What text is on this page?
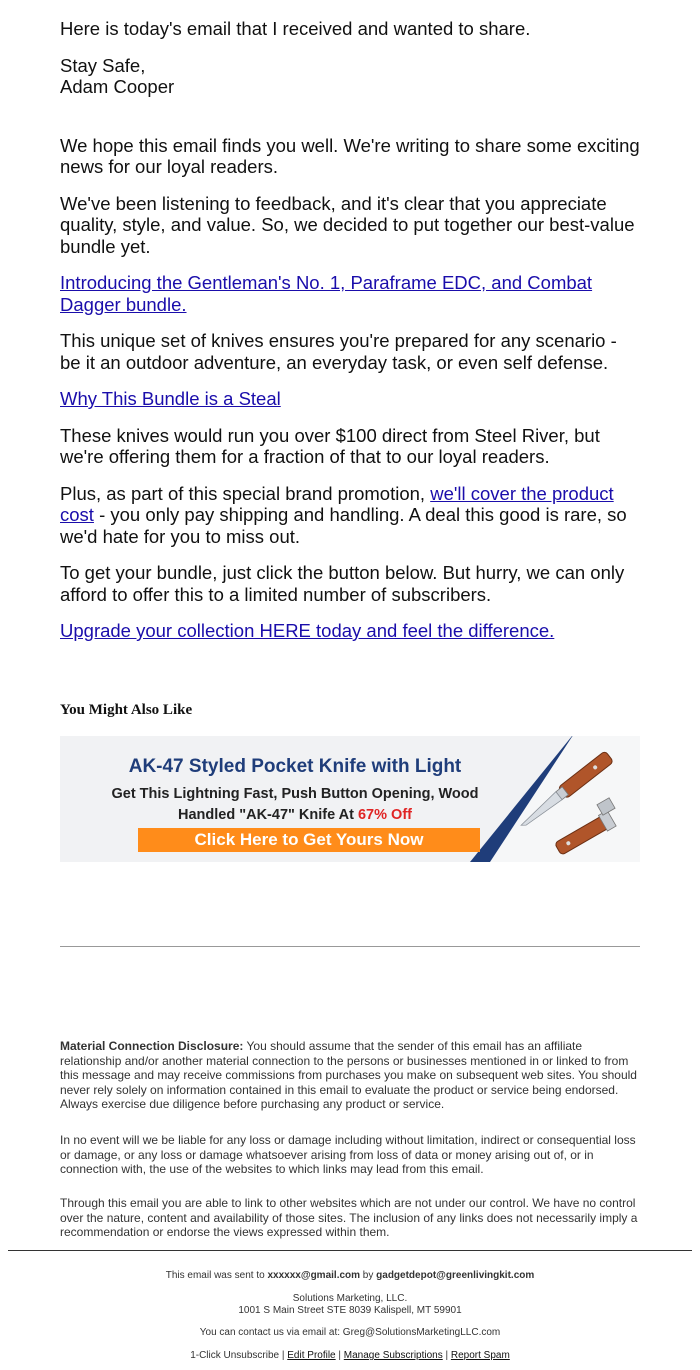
Here is today's email that I received and wanted to share.

Stay Safe,

Adam Cooper

We hope this email finds you well. We're writing to share some exciting news for our loyal readers.

We've been listening to feedback, and it's clear that you appreciate quality, style, and value. So, we decided to put together our best-value bundle yet.

Introducing the Gentleman's No. 1, Paraframe EDC, and Combat Dagger bundle.

This unique set of knives ensures you're prepared for any scenario - be it an outdoor adventure, an everyday task, or even self defense.

Why This Bundle is a Steal

These knives would run you over $100 direct from Steel River, but we're offering them for a fraction of that to our loyal readers.

Plus, as part of this special brand promotion, we'll cover the product cost - you only pay shipping and handling. A deal this good is rare, so we'd hate for you to miss out.

To get your bundle, just click the button below. But hurry, we can only afford to offer this to a limited number of subscribers.

Upgrade your collection HERE today and feel the difference.

You Might Also Like
AK-47 Styled Pocket Knife with Light
Get This Lightning Fast, Push Button Opening, Wood
Handled "AK-47" Knife At 67% Off
Click Here to Get Yours Now

Material Connection Disclosure: You should assume that the sender of this email has an affiliate relationship and/or another material connection to the persons or businesses mentioned in or linked to from this message and may receive commissions from purchases you make on subsequent web sites. You should never rely solely on information contained in this email to evaluate the product or service being endorsed. Always exercise due diligence before purchasing any product or service.

In no event will we be liable for any loss or damage including without limitation, indirect or consequential loss or damage, or any loss or damage whatsoever arising from loss of data or money arising out of, or in connection with, the use of the websites to which links may lead from this email.

Through this email you are able to link to other websites which are not under our control. We have no control over the nature, content and availability of those sites. The inclusion of any links does not necessarily imply a recommendation or endorse the views expressed within them.

This email was sent to xxxxxx@gmail.com by gadgetdepot@greenlivingkit.com

Solutions Marketing, LLC.

1001 S Main Street STE 8039 Kalispell, MT 59901

You can contact us via email at: Greg@SolutionsMarketingLLC.com

1-Click Unsubscribe | Edit Profile | Manage Subscriptions | Report Spam
